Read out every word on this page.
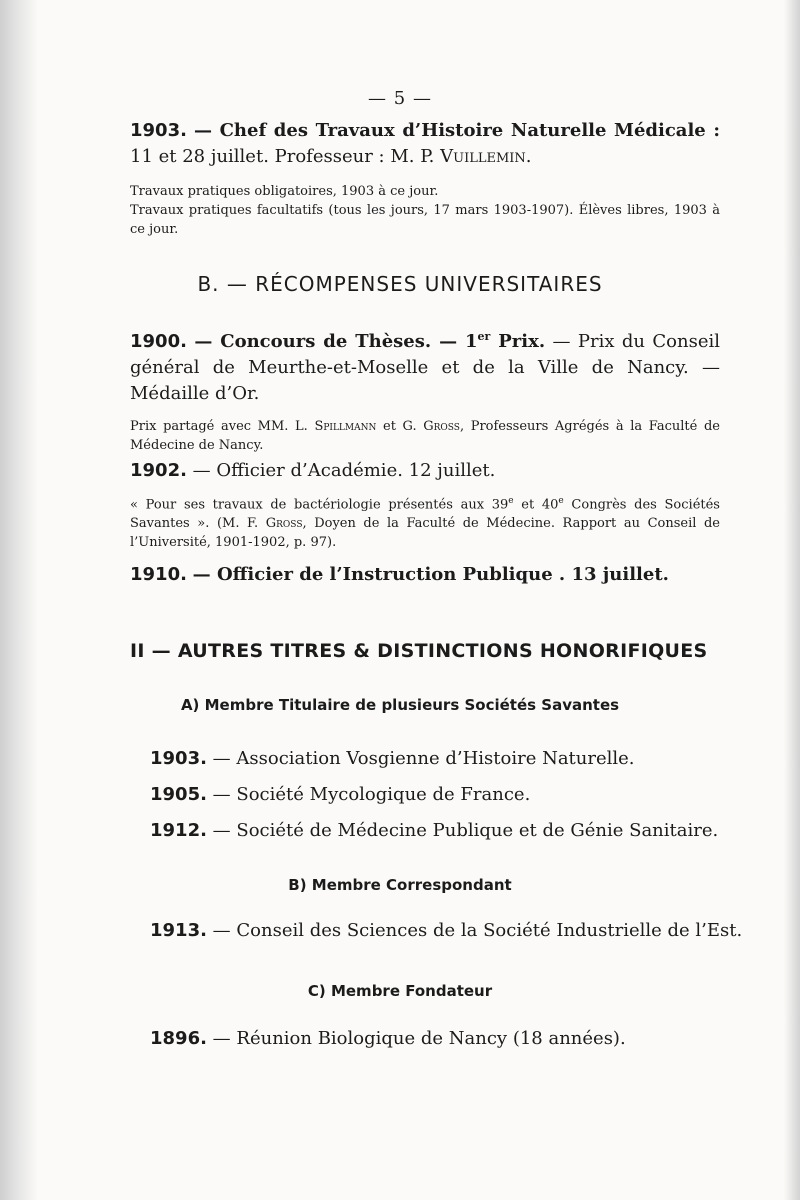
— 5 —

1903. — Chef des Travaux d’Histoire Naturelle Médicale : 11 et 28 juillet. Professeur : M. P. Vuillemin.

Travaux pratiques obligatoires, 1903 à ce jour.

Travaux pratiques facultatifs (tous les jours, 17 mars 1903-1907). Élèves libres, 1903 à ce jour.

B. — RÉCOMPENSES UNIVERSITAIRES

1900. — Concours de Thèses. — 1er Prix. — Prix du Conseil général de Meurthe-et-Moselle et de la Ville de Nancy. — Médaille d’Or.

Prix partagé avec MM. L. Spillmann et G. Gross, Professeurs Agrégés à la Faculté de Médecine de Nancy.

1902. — Officier d’Académie. 12 juillet.

« Pour ses travaux de bactériologie présentés aux 39e et 40e Congrès des Sociétés Savantes ». (M. F. Gross, Doyen de la Faculté de Médecine. Rapport au Conseil de l’Université, 1901-1902, p. 97).

1910. — Officier de l’Instruction Publique . 13 juillet.

II — AUTRES TITRES & DISTINCTIONS HONORIFIQUES
A) Membre Titulaire de plusieurs Sociétés Savantes
1903. — Association Vosgienne d’Histoire Naturelle.
1905. — Société Mycologique de France.
1912. — Société de Médecine Publique et de Génie Sanitaire.
B) Membre Correspondant
1913. — Conseil des Sciences de la Société Industrielle de l’Est.
C) Membre Fondateur
1896. — Réunion Biologique de Nancy (18 années).
